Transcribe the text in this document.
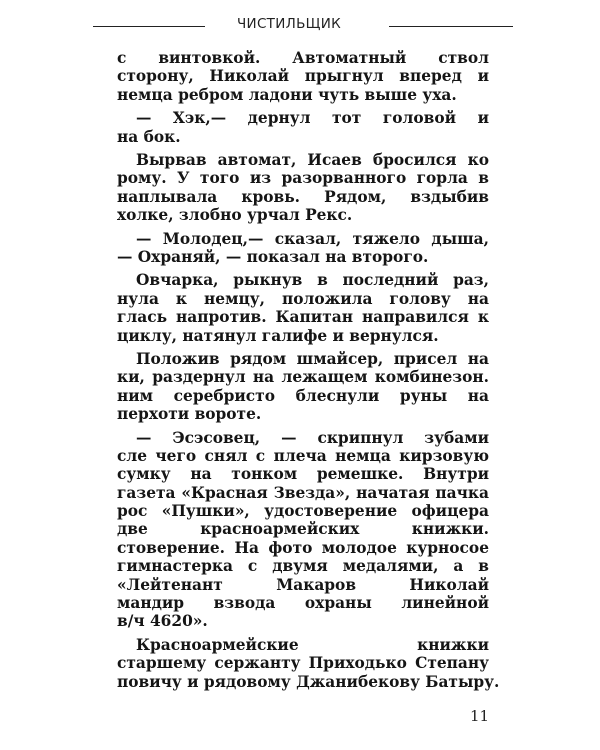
ЧИСТИЛЬЩИК
с винтовкой. Автоматный ствол
сторону, Николай прыгнул вперед и
немца ребром ладони чуть выше уха.
— Хэк,— дернул тот головой и
на бок.
Вырвав автомат, Исаев бросился ко
рому. У того из разорванного горла в
наплывала кровь. Рядом, вздыбив
холке, злобно урчал Рекс.
— Молодец,— сказал, тяжело дыша,
— Охраняй, — показал на второго.
Овчарка, рыкнув в последний раз,
нула к немцу, положила голову на
глась напротив. Капитан направился к
циклу, натянул галифе и вернулся.
Положив рядом шмайсер, присел на
ки, раздернул на лежащем комбинезон.
ним серебристо блеснули руны на
перхоти вороте.
— Эсэсовец, — скрипнул зубами
сле чего снял с плеча немца кирзовую
сумку на тонком ремешке. Внутри
газета «Красная Звезда», начатая пачка
рос «Пушки», удостоверение офицера
две красноармейских книжки.
стоверение. На фото молодое курносое
гимнастерка с двумя медалями, а в
«Лейтенант Макаров Николай
мандир взвода охраны линейной
в/ч 4620».
Красноармейские книжки
старшему сержанту Приходько Степану
повичу и рядовому Джанибекову Батыру.
11
